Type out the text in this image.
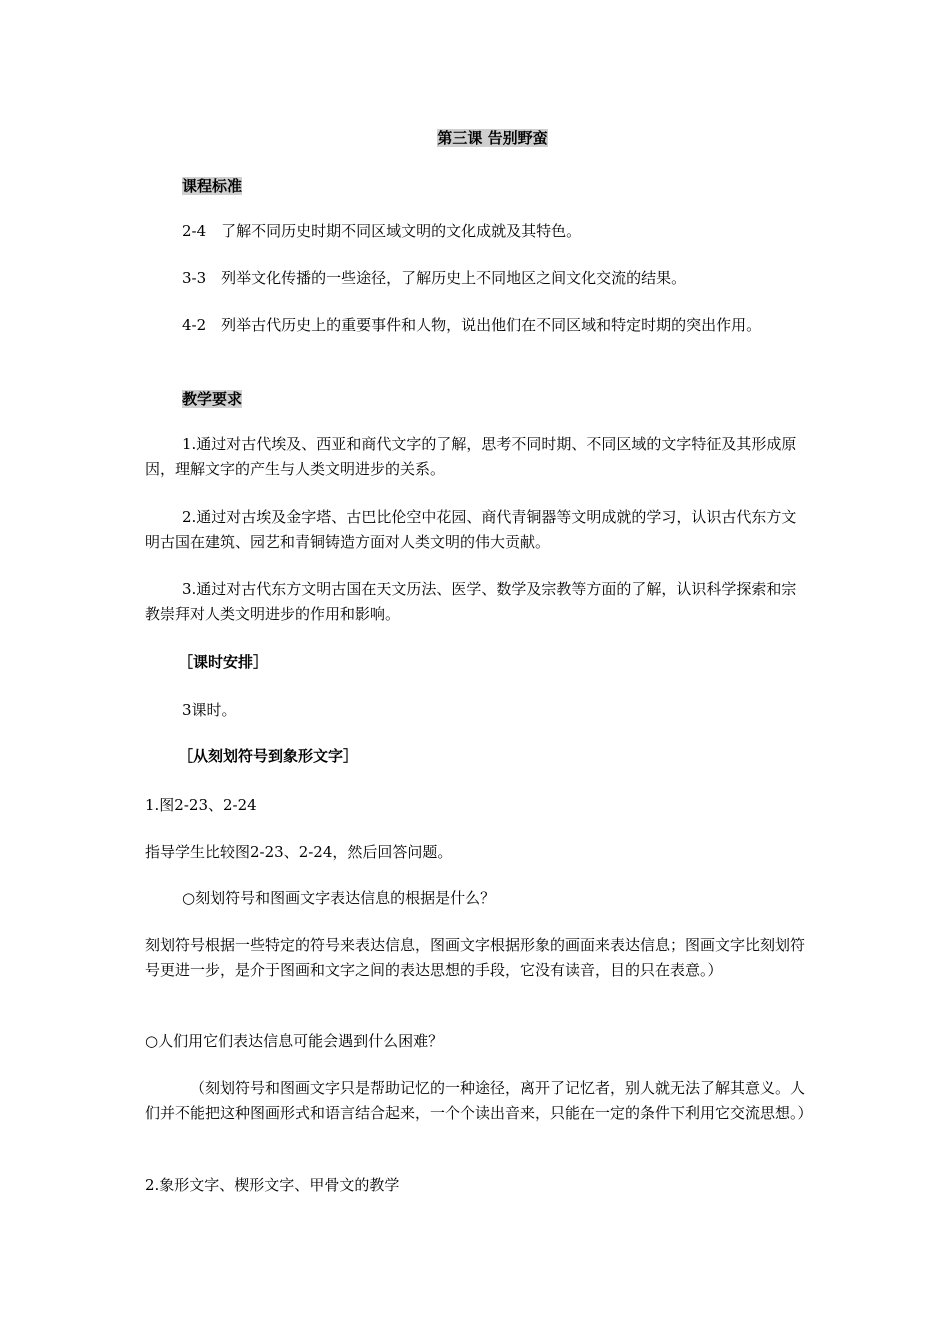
第三课 告别野蛮
课程标准

2-4　了解不同历史时期不同区域文明的文化成就及其特色。

3-3　列举文化传播的一些途径，了解历史上不同地区之间文化交流的结果。

4-2　列举古代历史上的重要事件和人物，说出他们在不同区域和特定时期的突出作用。

教学要求

1.通过对古代埃及、西亚和商代文字的了解，思考不同时期、不同区域的文字特征及其形成原因，理解文字的产生与人类文明进步的关系。

2.通过对古埃及金字塔、古巴比伦空中花园、商代青铜器等文明成就的学习，认识古代东方文明古国在建筑、园艺和青铜铸造方面对人类文明的伟大贡献。

3.通过对古代东方文明古国在天文历法、医学、数学及宗教等方面的了解，认识科学探索和宗教崇拜对人类文明进步的作用和影响。

［课时安排］

3课时。

［从刻划符号到象形文字］

1.图2-23、2-24

指导学生比较图2-23、2-24，然后回答问题。

○刻划符号和图画文字表达信息的根据是什么？

刻划符号根据一些特定的符号来表达信息，图画文字根据形象的画面来表达信息；图画文字比刻划符号更进一步，是介于图画和文字之间的表达思想的手段，它没有读音，目的只在表意。）

○人们用它们表达信息可能会遇到什么困难？

（刻划符号和图画文字只是帮助记忆的一种途径，离开了记忆者，别人就无法了解其意义。人们并不能把这种图画形式和语言结合起来，一个个读出音来，只能在一定的条件下利用它交流思想。）

2.象形文字、楔形文字、甲骨文的教学
